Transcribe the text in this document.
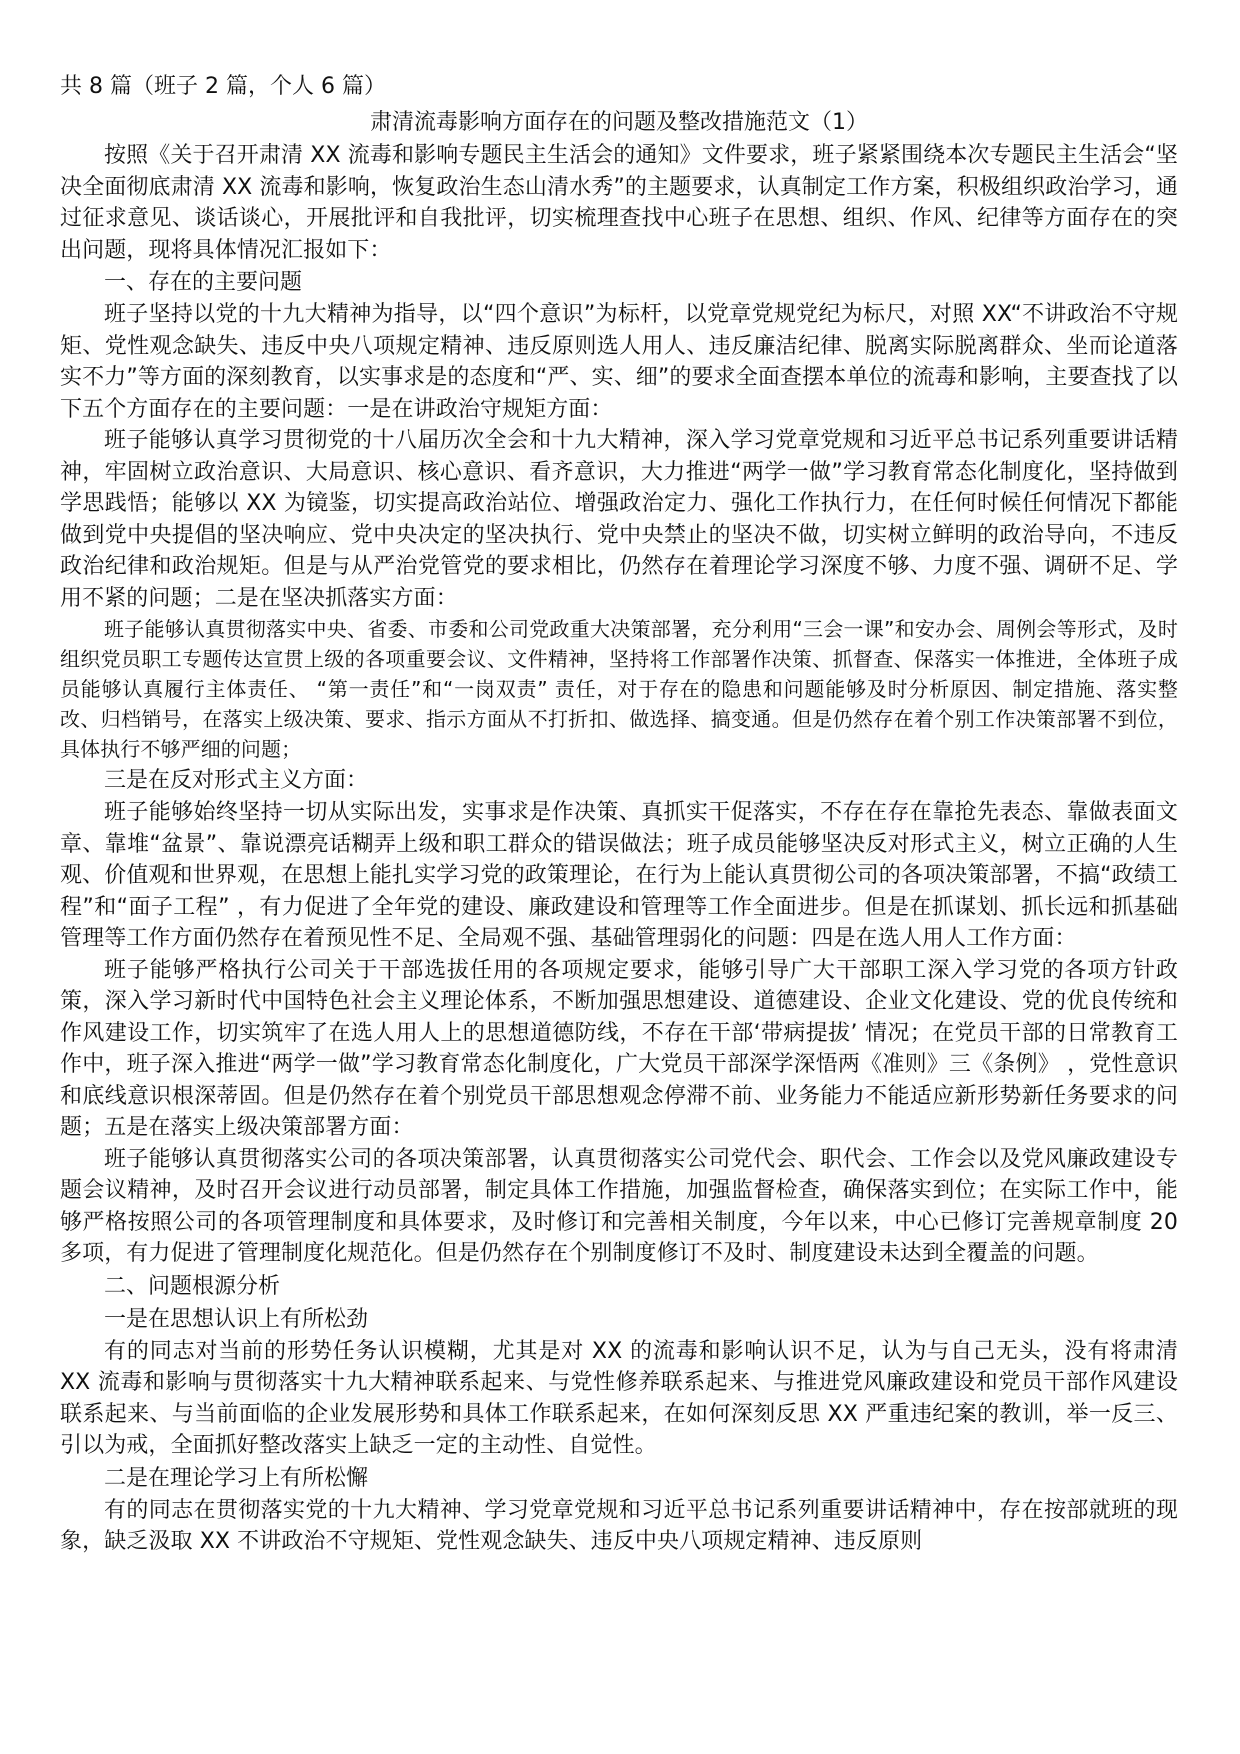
共 8 篇（班子 2 篇，个人 6 篇）

肃清流毒影响方面存在的问题及整改措施范文（1）

按照《关于召开肃清 XX 流毒和影响专题民主生活会的通知》文件要求，班子紧紧围绕本次专题民主生活会“坚决全面彻底肃清 XX 流毒和影响，恢复政治生态山清水秀”的主题要求，认真制定工作方案，积极组织政治学习，通过征求意见、谈话谈心，开展批评和自我批评，切实梳理查找中心班子在思想、组织、作风、纪律等方面存在的突出问题，现将具体情况汇报如下：

一、存在的主要问题

班子坚持以党的十九大精神为指导，以“四个意识”为标杆，以党章党规党纪为标尺，对照 XX“不讲政治不守规矩、党性观念缺失、违反中央八项规定精神、违反原则选人用人、违反廉洁纪律、脱离实际脱离群众、坐而论道落实不力”等方面的深刻教育，以实事求是的态度和“严、实、细”的要求全面查摆本单位的流毒和影响，主要查找了以下五个方面存在的主要问题：一是在讲政治守规矩方面：

班子能够认真学习贯彻党的十八届历次全会和十九大精神，深入学习党章党规和习近平总书记系列重要讲话精神，牢固树立政治意识、大局意识、核心意识、看齐意识，大力推进“两学一做”学习教育常态化制度化，坚持做到学思践悟；能够以 XX 为镜鉴，切实提高政治站位、增强政治定力、强化工作执行力，在任何时候任何情况下都能做到党中央提倡的坚决响应、党中央决定的坚决执行、党中央禁止的坚决不做，切实树立鲜明的政治导向，不违反政治纪律和政治规矩。但是与从严治党管党的要求相比，仍然存在着理论学习深度不够、力度不强、调研不足、学用不紧的问题；二是在坚决抓落实方面：

班子能够认真贯彻落实中央、省委、市委和公司党政重大决策部署，充分利用“三会一课”和安办会、周例会等形式，及时组织党员职工专题传达宣贯上级的各项重要会议、文件精神，坚持将工作部署作决策、抓督查、保落实一体推进，全体班子成员能够认真履行主体责任、 “第一责任”和“一岗双责” 责任，对于存在的隐患和问题能够及时分析原因、制定措施、落实整改、归档销号，在落实上级决策、要求、指示方面从不打折扣、做选择、搞变通。但是仍然存在着个别工作决策部署不到位，具体执行不够严细的问题；

三是在反对形式主义方面：

班子能够始终坚持一切从实际出发，实事求是作决策、真抓实干促落实，不存在存在靠抢先表态、靠做表面文章、靠堆“盆景”、靠说漂亮话糊弄上级和职工群众的错误做法；班子成员能够坚决反对形式主义，树立正确的人生观、价值观和世界观，在思想上能扎实学习党的政策理论，在行为上能认真贯彻公司的各项决策部署，不搞“政绩工程”和“面子工程” ，有力促进了全年党的建设、廉政建设和管理等工作全面进步。但是在抓谋划、抓长远和抓基础管理等工作方面仍然存在着预见性不足、全局观不强、基础管理弱化的问题：四是在选人用人工作方面：

班子能够严格执行公司关于干部选拔任用的各项规定要求，能够引导广大干部职工深入学习党的各项方针政策，深入学习新时代中国特色社会主义理论体系，不断加强思想建设、道德建设、企业文化建设、党的优良传统和作风建设工作，切实筑牢了在选人用人上的思想道德防线，不存在干部‘带病提拔’ 情况；在党员干部的日常教育工作中，班子深入推进“两学一做”学习教育常态化制度化，广大党员干部深学深悟两《准则》三《条例》 ，党性意识和底线意识根深蒂固。但是仍然存在着个别党员干部思想观念停滞不前、业务能力不能适应新形势新任务要求的问题；五是在落实上级决策部署方面：

班子能够认真贯彻落实公司的各项决策部署，认真贯彻落实公司党代会、职代会、工作会以及党风廉政建设专题会议精神，及时召开会议进行动员部署，制定具体工作措施，加强监督检查，确保落实到位；在实际工作中，能够严格按照公司的各项管理制度和具体要求，及时修订和完善相关制度，今年以来，中心已修订完善规章制度 20 多项，有力促进了管理制度化规范化。但是仍然存在个别制度修订不及时、制度建设未达到全覆盖的问题。

二、问题根源分析

一是在思想认识上有所松劲

有的同志对当前的形势任务认识模糊，尤其是对 XX 的流毒和影响认识不足，认为与自己无头，没有将肃清 XX 流毒和影响与贯彻落实十九大精神联系起来、与党性修养联系起来、与推进党风廉政建设和党员干部作风建设联系起来、与当前面临的企业发展形势和具体工作联系起来，在如何深刻反思 XX 严重违纪案的教训，举一反三、引以为戒，全面抓好整改落实上缺乏一定的主动性、自觉性。

二是在理论学习上有所松懈

有的同志在贯彻落实党的十九大精神、学习党章党规和习近平总书记系列重要讲话精神中，存在按部就班的现象，缺乏汲取 XX 不讲政治不守规矩、党性观念缺失、违反中央八项规定精神、违反原则
